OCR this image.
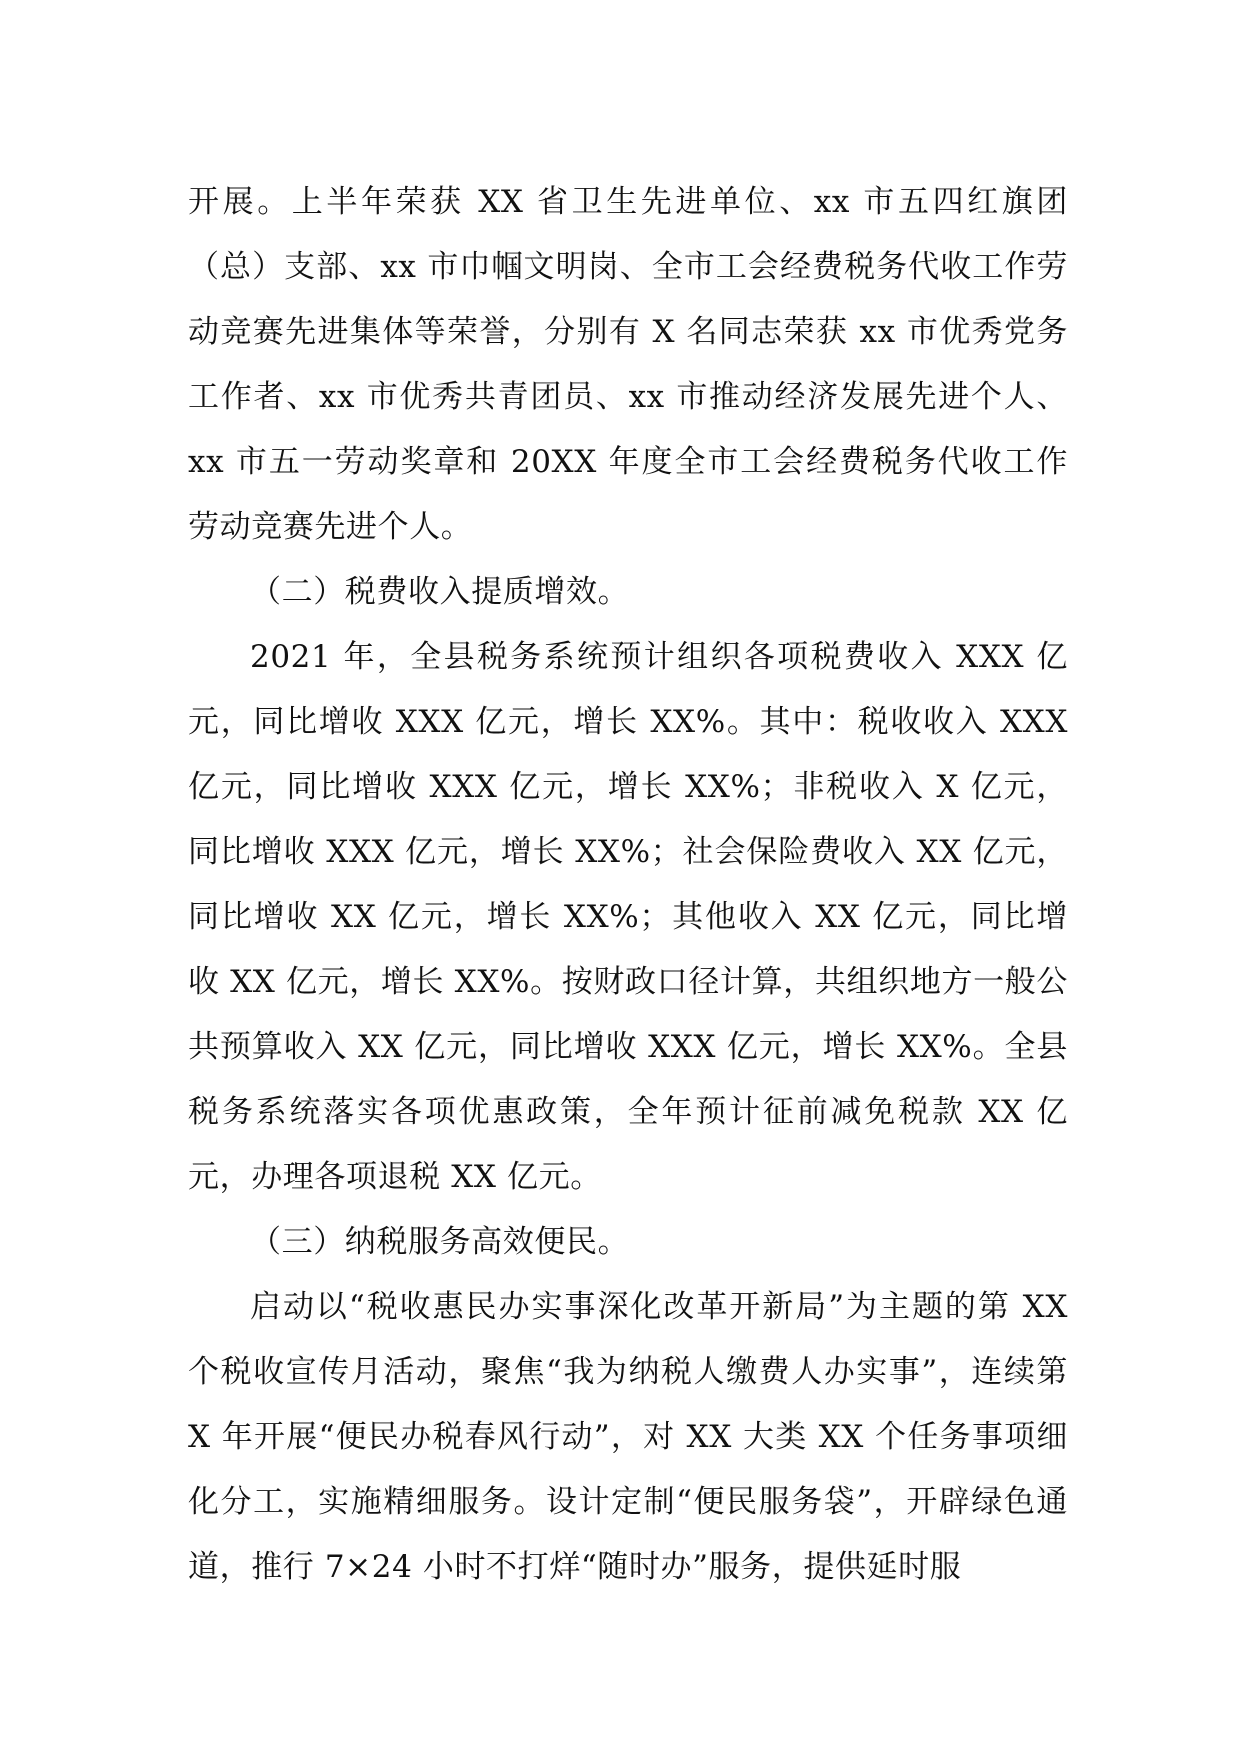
开展。上半年荣获 XX 省卫生先进单位、xx 市五四红旗团（总）支部、xx 市巾帼文明岗、全市工会经费税务代收工作劳动竞赛先进集体等荣誉，分别有 X 名同志荣获 xx 市优秀党务工作者、xx 市优秀共青团员、xx 市推动经济发展先进个人、xx 市五一劳动奖章和 20XX 年度全市工会经费税务代收工作劳动竞赛先进个人。

（二）税费收入提质增效。

2021 年，全县税务系统预计组织各项税费收入 XXX 亿元，同比增收 XXX 亿元，增长 XX%。其中：税收收入 XXX 亿元，同比增收 XXX 亿元，增长 XX%；非税收入 X 亿元，同比增收 XXX 亿元，增长 XX%；社会保险费收入 XX 亿元，同比增收 XX 亿元，增长 XX%；其他收入 XX 亿元，同比增收 XX 亿元，增长 XX%。按财政口径计算，共组织地方一般公共预算收入 XX 亿元，同比增收 XXX 亿元，增长 XX%。全县税务系统落实各项优惠政策，全年预计征前减免税款 XX 亿元，办理各项退税 XX 亿元。

（三）纳税服务高效便民。

启动以“税收惠民办实事深化改革开新局”为主题的第 XX 个税收宣传月活动，聚焦“我为纳税人缴费人办实事”，连续第 X 年开展“便民办税春风行动”，对 XX 大类 XX 个任务事项细化分工，实施精细服务。设计定制“便民服务袋”，开辟绿色通道，推行 7×24 小时不打烊“随时办”服务，提供延时服
